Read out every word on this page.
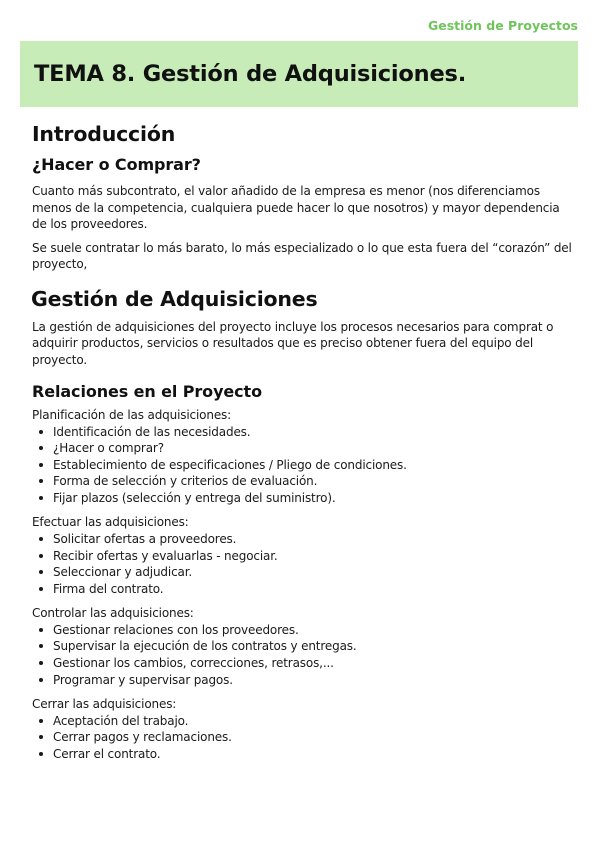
Gestión de Proyectos
TEMA 8. Gestión de Adquisiciones.
Introducción
¿Hacer o Comprar?

Cuanto más subcontrato, el valor añadido de la empresa es menor (nos diferenciamos menos de la competencia, cualquiera puede hacer lo que nosotros) y mayor dependencia de los proveedores.

Se suele contratar lo más barato, lo más especializado o lo que esta fuera del “corazón” del proyecto,

Gestión de Adquisiciones

La gestión de adquisiciones del proyecto incluye los procesos necesarios para comprat o adquirir productos, servicios o resultados que es preciso obtener fuera del equipo del proyecto.

Relaciones en el Proyecto
Planificación de las adquisiciones:
Identificación de las necesidades.
¿Hacer o comprar?
Establecimiento de especificaciones / Pliego de condiciones.
Forma de selección y criterios de evaluación.
Fijar plazos (selección y entrega del suministro).
Efectuar las adquisiciones:
Solicitar ofertas a proveedores.
Recibir ofertas y evaluarlas - negociar.
Seleccionar y adjudicar.
Firma del contrato.
Controlar las adquisiciones:
Gestionar relaciones con los proveedores.
Supervisar la ejecución de los contratos y entregas.
Gestionar los cambios, correcciones, retrasos,...
Programar y supervisar pagos.
Cerrar las adquisiciones:
Aceptación del trabajo.
Cerrar pagos y reclamaciones.
Cerrar el contrato.
